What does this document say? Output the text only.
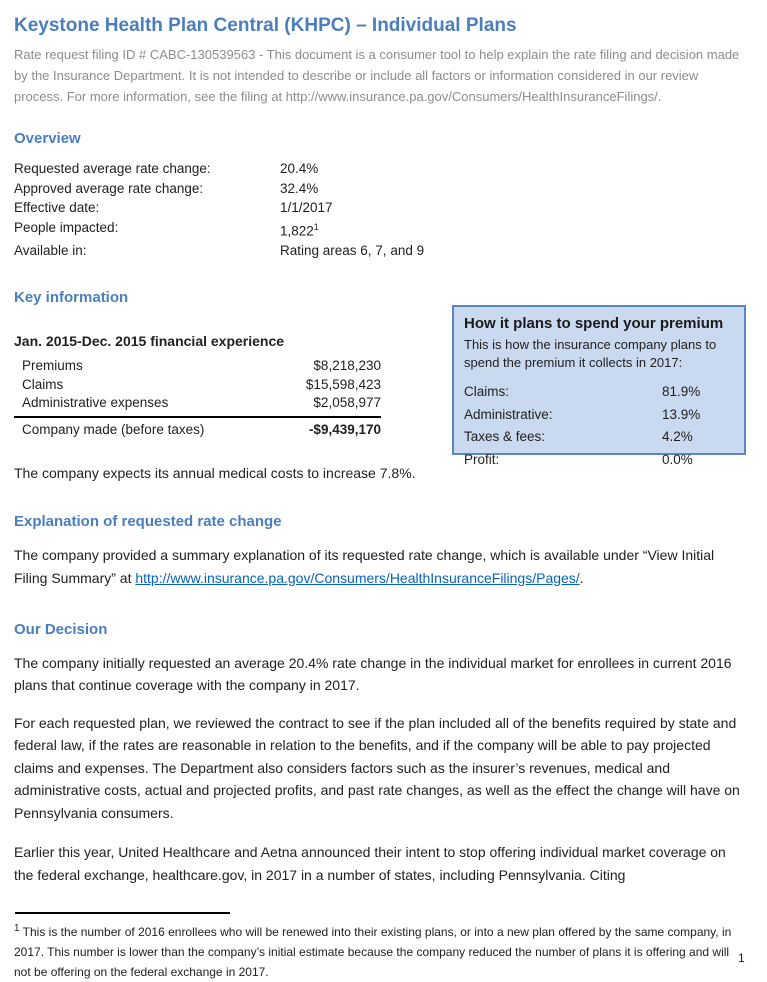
Keystone Health Plan Central (KHPC) – Individual Plans
Rate request filing ID # CABC-130539563 - This document is a consumer tool to help explain the rate filing and decision made by the Insurance Department. It is not intended to describe or include all factors or information considered in our review process. For more information, see the filing at http://www.insurance.pa.gov/Consumers/HealthInsuranceFilings/.
Overview
Requested average rate change:	20.4%
Approved average rate change:	32.4%
Effective date:	1/1/2017
People impacted:	1,822$^1$
Available in:	Rating areas 6, 7, and 9
Key information
Jan. 2015-Dec. 2015 financial experience
Premiums	$8,218,230
Claims	$15,598,423
Administrative expenses	$2,058,977
Company made (before taxes)	-$9,439,170
The company expects its annual medical costs to increase 7.8%.
Explanation of requested rate change
The company provided a summary explanation of its requested rate change, which is available under “View Initial Filing Summary” at http://www.insurance.pa.gov/Consumers/HealthInsuranceFilings/Pages/.
Our Decision
The company initially requested an average 20.4% rate change in the individual market for enrollees in current 2016 plans that continue coverage with the company in 2017.
For each requested plan, we reviewed the contract to see if the plan included all of the benefits required by state and federal law, if the rates are reasonable in relation to the benefits, and if the company will be able to pay projected claims and expenses. The Department also considers factors such as the insurer’s revenues, medical and administrative costs, actual and projected profits, and past rate changes, as well as the effect the change will have on Pennsylvania consumers.
Earlier this year, United Healthcare and Aetna announced their intent to stop offering individual market coverage on the federal exchange, healthcare.gov, in 2017 in a number of states, including Pennsylvania. Citing
$^1$ This is the number of 2016 enrollees who will be renewed into their existing plans, or into a new plan offered by the same company, in 2017. This number is lower than the company’s initial estimate because the company reduced the number of plans it is offering and will not be offering on the federal exchange in 2017.
How it plans to spend your premium
This is how the insurance company plans to spend the premium it collects in 2017:
Claims:	81.9%
Administrative:	13.9%
Taxes & fees:	4.2%
Profit:	0.0%
1
